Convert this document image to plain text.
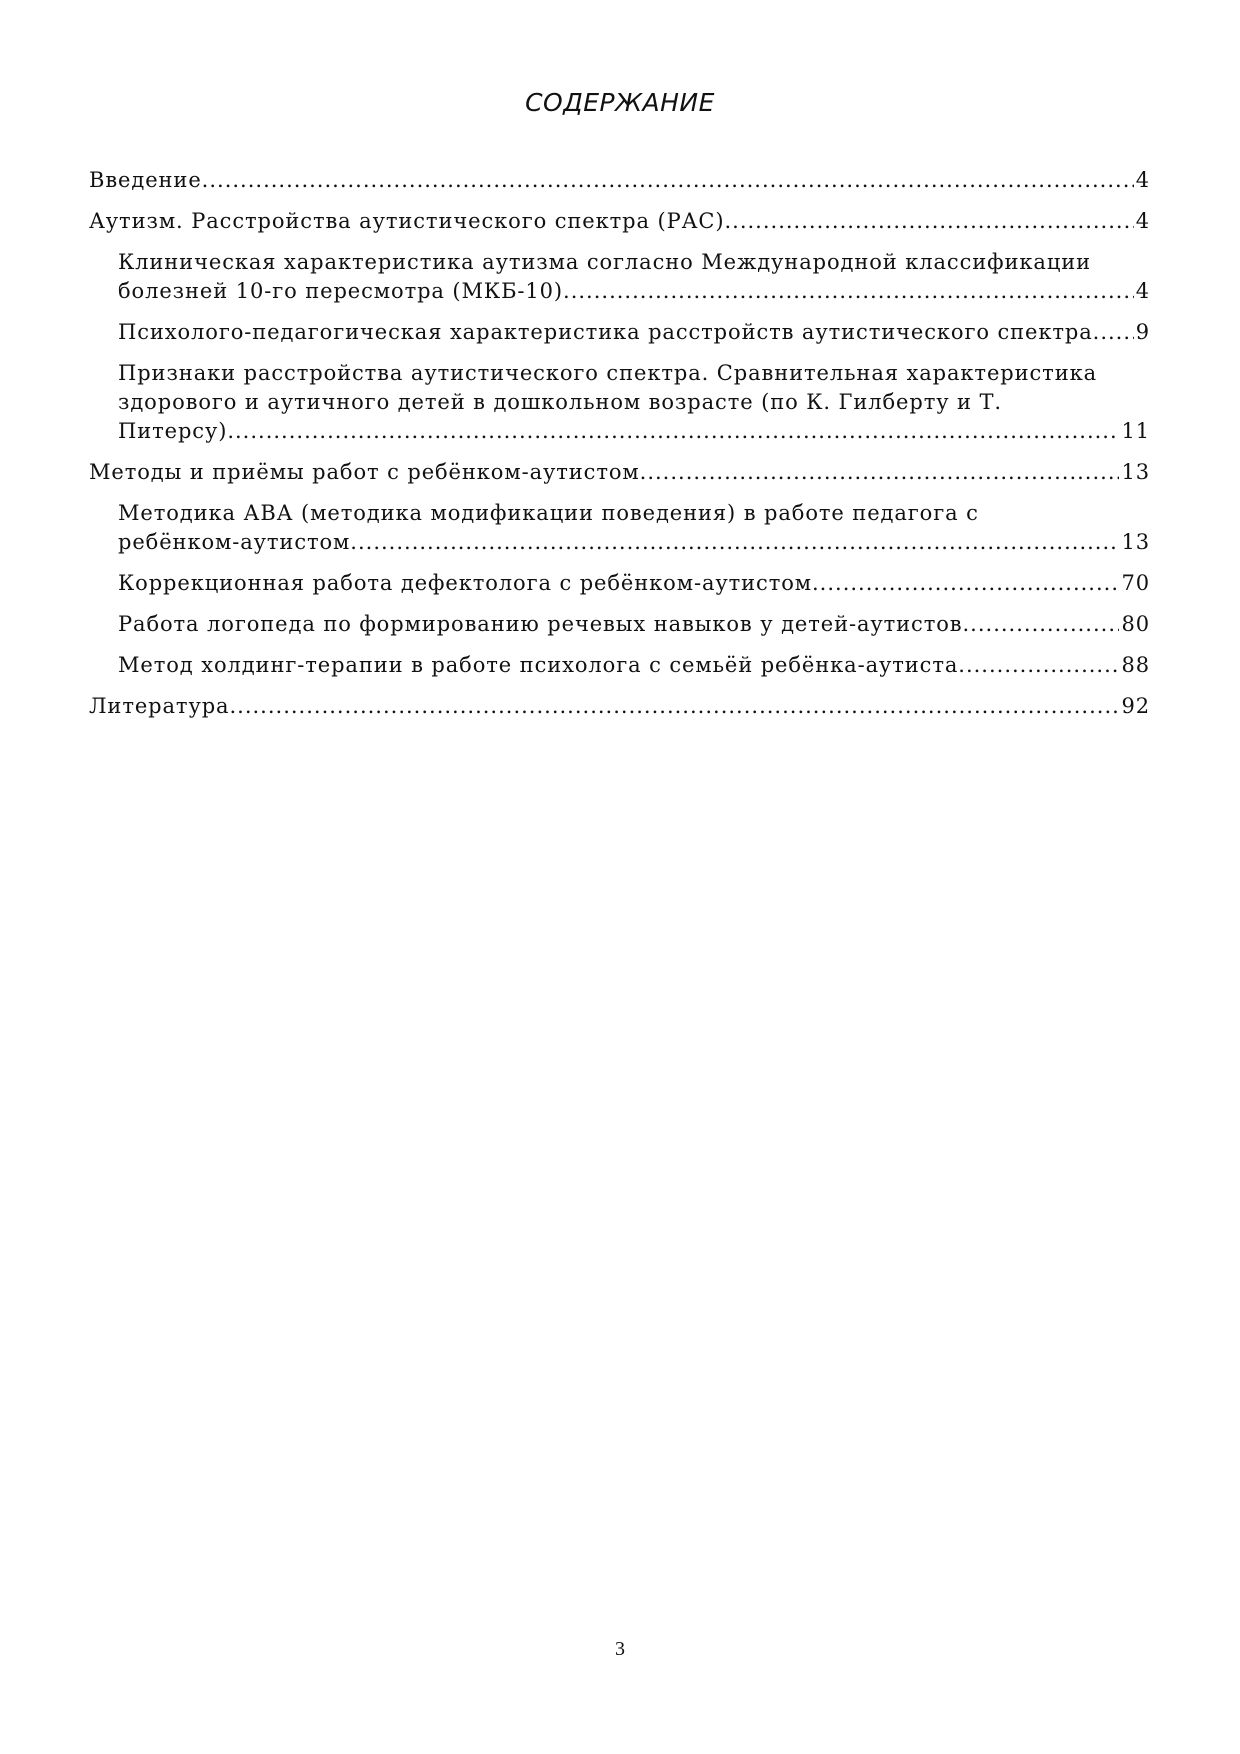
СОДЕРЖАНИЕ
Введение .....	4
Аутизм. Расстройства аутистического спектра (РАС) .....	4
Клиническая характеристика аутизма согласно Международной классификации болезней 10-го пересмотра (МКБ-10) .....	4
Психолого-педагогическая характеристика расстройств аутистического спектра ..... 9
Признаки расстройства аутистического спектра. Сравнительная характеристика здорового и аутичного детей в дошкольном возрасте (по К. Гилберту и Т. Питерсу) .....	11
Методы и приёмы работ с ребёнком-аутистом .....	13
Методика АВА (методика модификации поведения) в работе педагога с ребёнком-аутистом .....	13
Коррекционная работа дефектолога с ребёнком-аутистом .....	70
Работа логопеда по формированию речевых навыков у детей-аутистов .....	80
Метод холдинг-терапии в работе психолога с семьёй ребёнка-аутиста .....	88
Литература .....	92
3
